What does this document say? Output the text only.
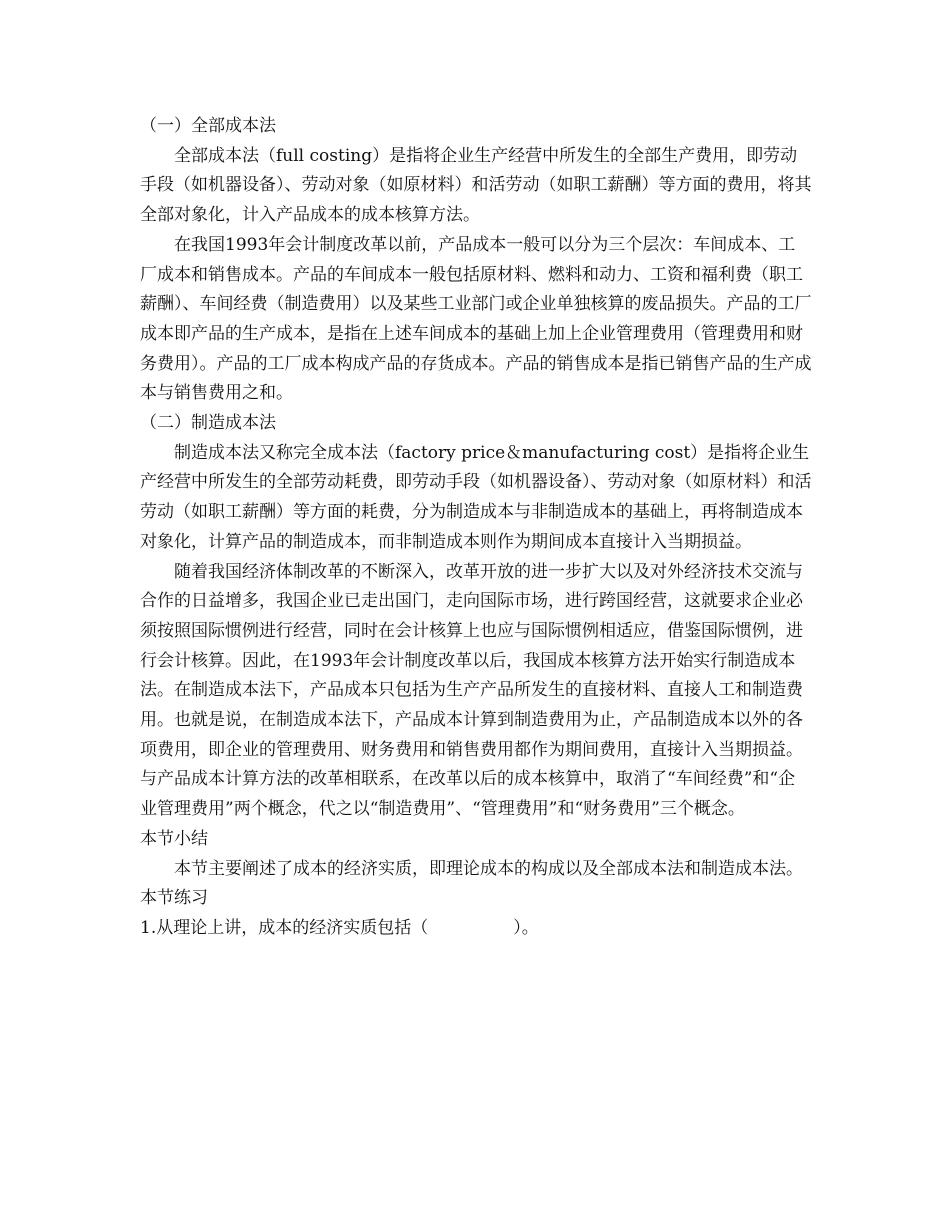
（一）全部成本法

全部成本法（full costing）是指将企业生产经营中所发生的全部生产费用，即劳动手段（如机器设备）、劳动对象（如原材料）和活劳动（如职工薪酬）等方面的费用，将其全部对象化，计入产品成本的成本核算方法。

在我国1993年会计制度改革以前，产品成本一般可以分为三个层次：车间成本、工厂成本和销售成本。产品的车间成本一般包括原材料、燃料和动力、工资和福利费（职工薪酬）、车间经费（制造费用）以及某些工业部门或企业单独核算的废品损失。产品的工厂成本即产品的生产成本，是指在上述车间成本的基础上加上企业管理费用（管理费用和财务费用）。产品的工厂成本构成产品的存货成本。产品的销售成本是指已销售产品的生产成本与销售费用之和。

（二）制造成本法

制造成本法又称完全成本法（factory price＆manufacturing cost）是指将企业生产经营中所发生的全部劳动耗费，即劳动手段（如机器设备）、劳动对象（如原材料）和活劳动（如职工薪酬）等方面的耗费，分为制造成本与非制造成本的基础上，再将制造成本对象化，计算产品的制造成本，而非制造成本则作为期间成本直接计入当期损益。

随着我国经济体制改革的不断深入，改革开放的进一步扩大以及对外经济技术交流与合作的日益增多，我国企业已走出国门，走向国际市场，进行跨国经营，这就要求企业必须按照国际惯例进行经营，同时在会计核算上也应与国际惯例相适应，借鉴国际惯例，进行会计核算。因此，在1993年会计制度改革以后，我国成本核算方法开始实行制造成本法。在制造成本法下，产品成本只包括为生产产品所发生的直接材料、直接人工和制造费用。也就是说，在制造成本法下，产品成本计算到制造费用为止，产品制造成本以外的各项费用，即企业的管理费用、财务费用和销售费用都作为期间费用，直接计入当期损益。与产品成本计算方法的改革相联系，在改革以后的成本核算中，取消了“车间经费”和“企业管理费用”两个概念，代之以“制造费用”、“管理费用”和“财务费用”三个概念。

本节小结

本节主要阐述了成本的经济实质，即理论成本的构成以及全部成本法和制造成本法。

本节练习

1.从理论上讲，成本的经济实质包括（　　　　　）。
